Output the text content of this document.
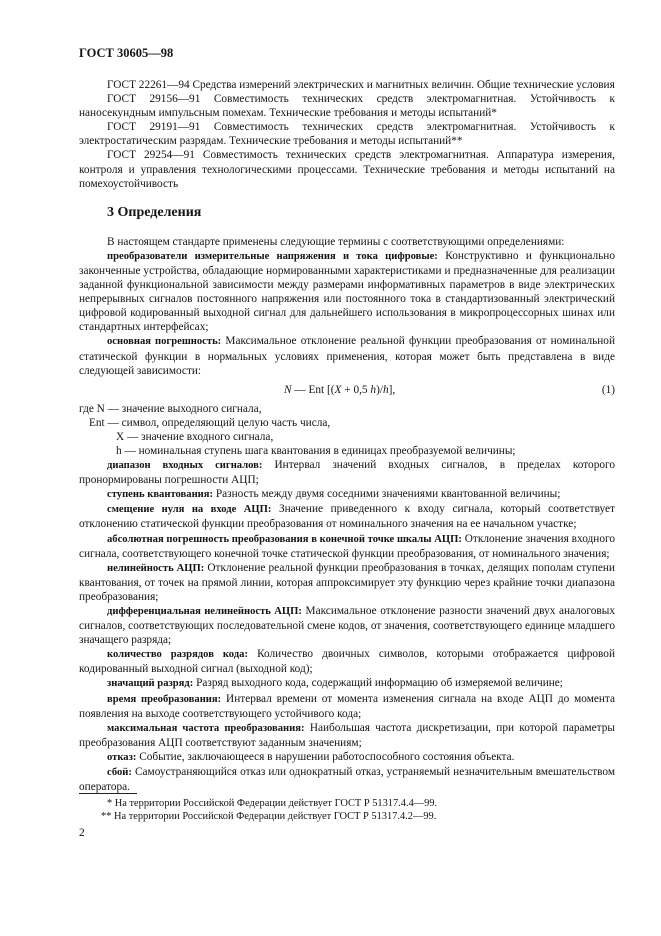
ГОСТ 30605—98

ГОСТ 22261—94 Средства измерений электрических и магнитных величин. Общие технические условия

ГОСТ 29156—91 Совместимость технических средств электромагнитная. Устойчивость к наносекундным импульсным помехам. Технические требования и методы испытаний*

ГОСТ 29191—91 Совместимость технических средств электромагнитная. Устойчивость к электростатическим разрядам. Технические требования и методы испытаний**

ГОСТ 29254—91 Совместимость технических средств электромагнитная. Аппаратура измерения, контроля и управления технологическими процессами. Технические требования и методы испытаний на помехоустойчивость

3 Определения

В настоящем стандарте применены следующие термины с соответствующими определениями:

преобразователи измерительные напряжения и тока цифровые: Конструктивно и функционально законченные устройства, обладающие нормированными характеристиками и предназначенные для реализации заданной функциональной зависимости между размерами информативных параметров в виде электрических непрерывных сигналов постоянного напряжения или постоянного тока в стандартизованный электрический цифровой кодированный выходной сигнал для дальнейшего использования в микропроцессорных шинах или стандартных интерфейсах;

основная погрешность: Максимальное отклонение реальной функции преобразования от номинальной статической функции в нормальных условиях применения, которая может быть представлена в виде следующей зависимости:

N — Ent [(X + 0,5 h)/h],	(1)

где N — значение выходного сигнала,

Ent — символ, определяющий целую часть числа,

X — значение входного сигнала,

h — номинальная ступень шага квантования в единицах преобразуемой величины;

диапазон входных сигналов: Интервал значений входных сигналов, в пределах которого пронормированы погрешности АЦП;

ступень квантования: Разность между двумя соседними значениями квантованной величины;

смещение нуля на входе АЦП: Значение приведенного к входу сигнала, который соответствует отклонению статической функции преобразования от номинального значения на ее начальном участке;

абсолютная погрешность преобразования в конечной точке шкалы АЦП: Отклонение значения входного сигнала, соответствующего конечной точке статической функции преобразования, от номинального значения;

нелинейность АЦП: Отклонение реальной функции преобразования в точках, делящих пополам ступени квантования, от точек на прямой линии, которая аппроксимирует эту функцию через крайние точки диапазона преобразования;

дифференциальная нелинейность АЦП: Максимальное отклонение разности значений двух аналоговых сигналов, соответствующих последовательной смене кодов, от значения, соответствующего единице младшего значащего разряда;

количество разрядов кода: Количество двоичных символов, которыми отображается цифровой кодированный выходной сигнал (выходной код);

значащий разряд: Разряд выходного кода, содержащий информацию об измеряемой величине;

время преобразования: Интервал времени от момента изменения сигнала на входе АЦП до момента появления на выходе соответствующего устойчивого кода;

максимальная частота преобразования: Наибольшая частота дискретизации, при которой параметры преобразования АЦП соответствуют заданным значениям;

отказ: Событие, заключающееся в нарушении работоспособного состояния объекта.

сбой: Самоустраняющийся отказ или однократный отказ, устраняемый незначительным вмешательством оператора.

* На территории Российской Федерации действует ГОСТ Р 51317.4.4—99.
** На территории Российской Федерации действует ГОСТ Р 51317.4.2—99.
2
